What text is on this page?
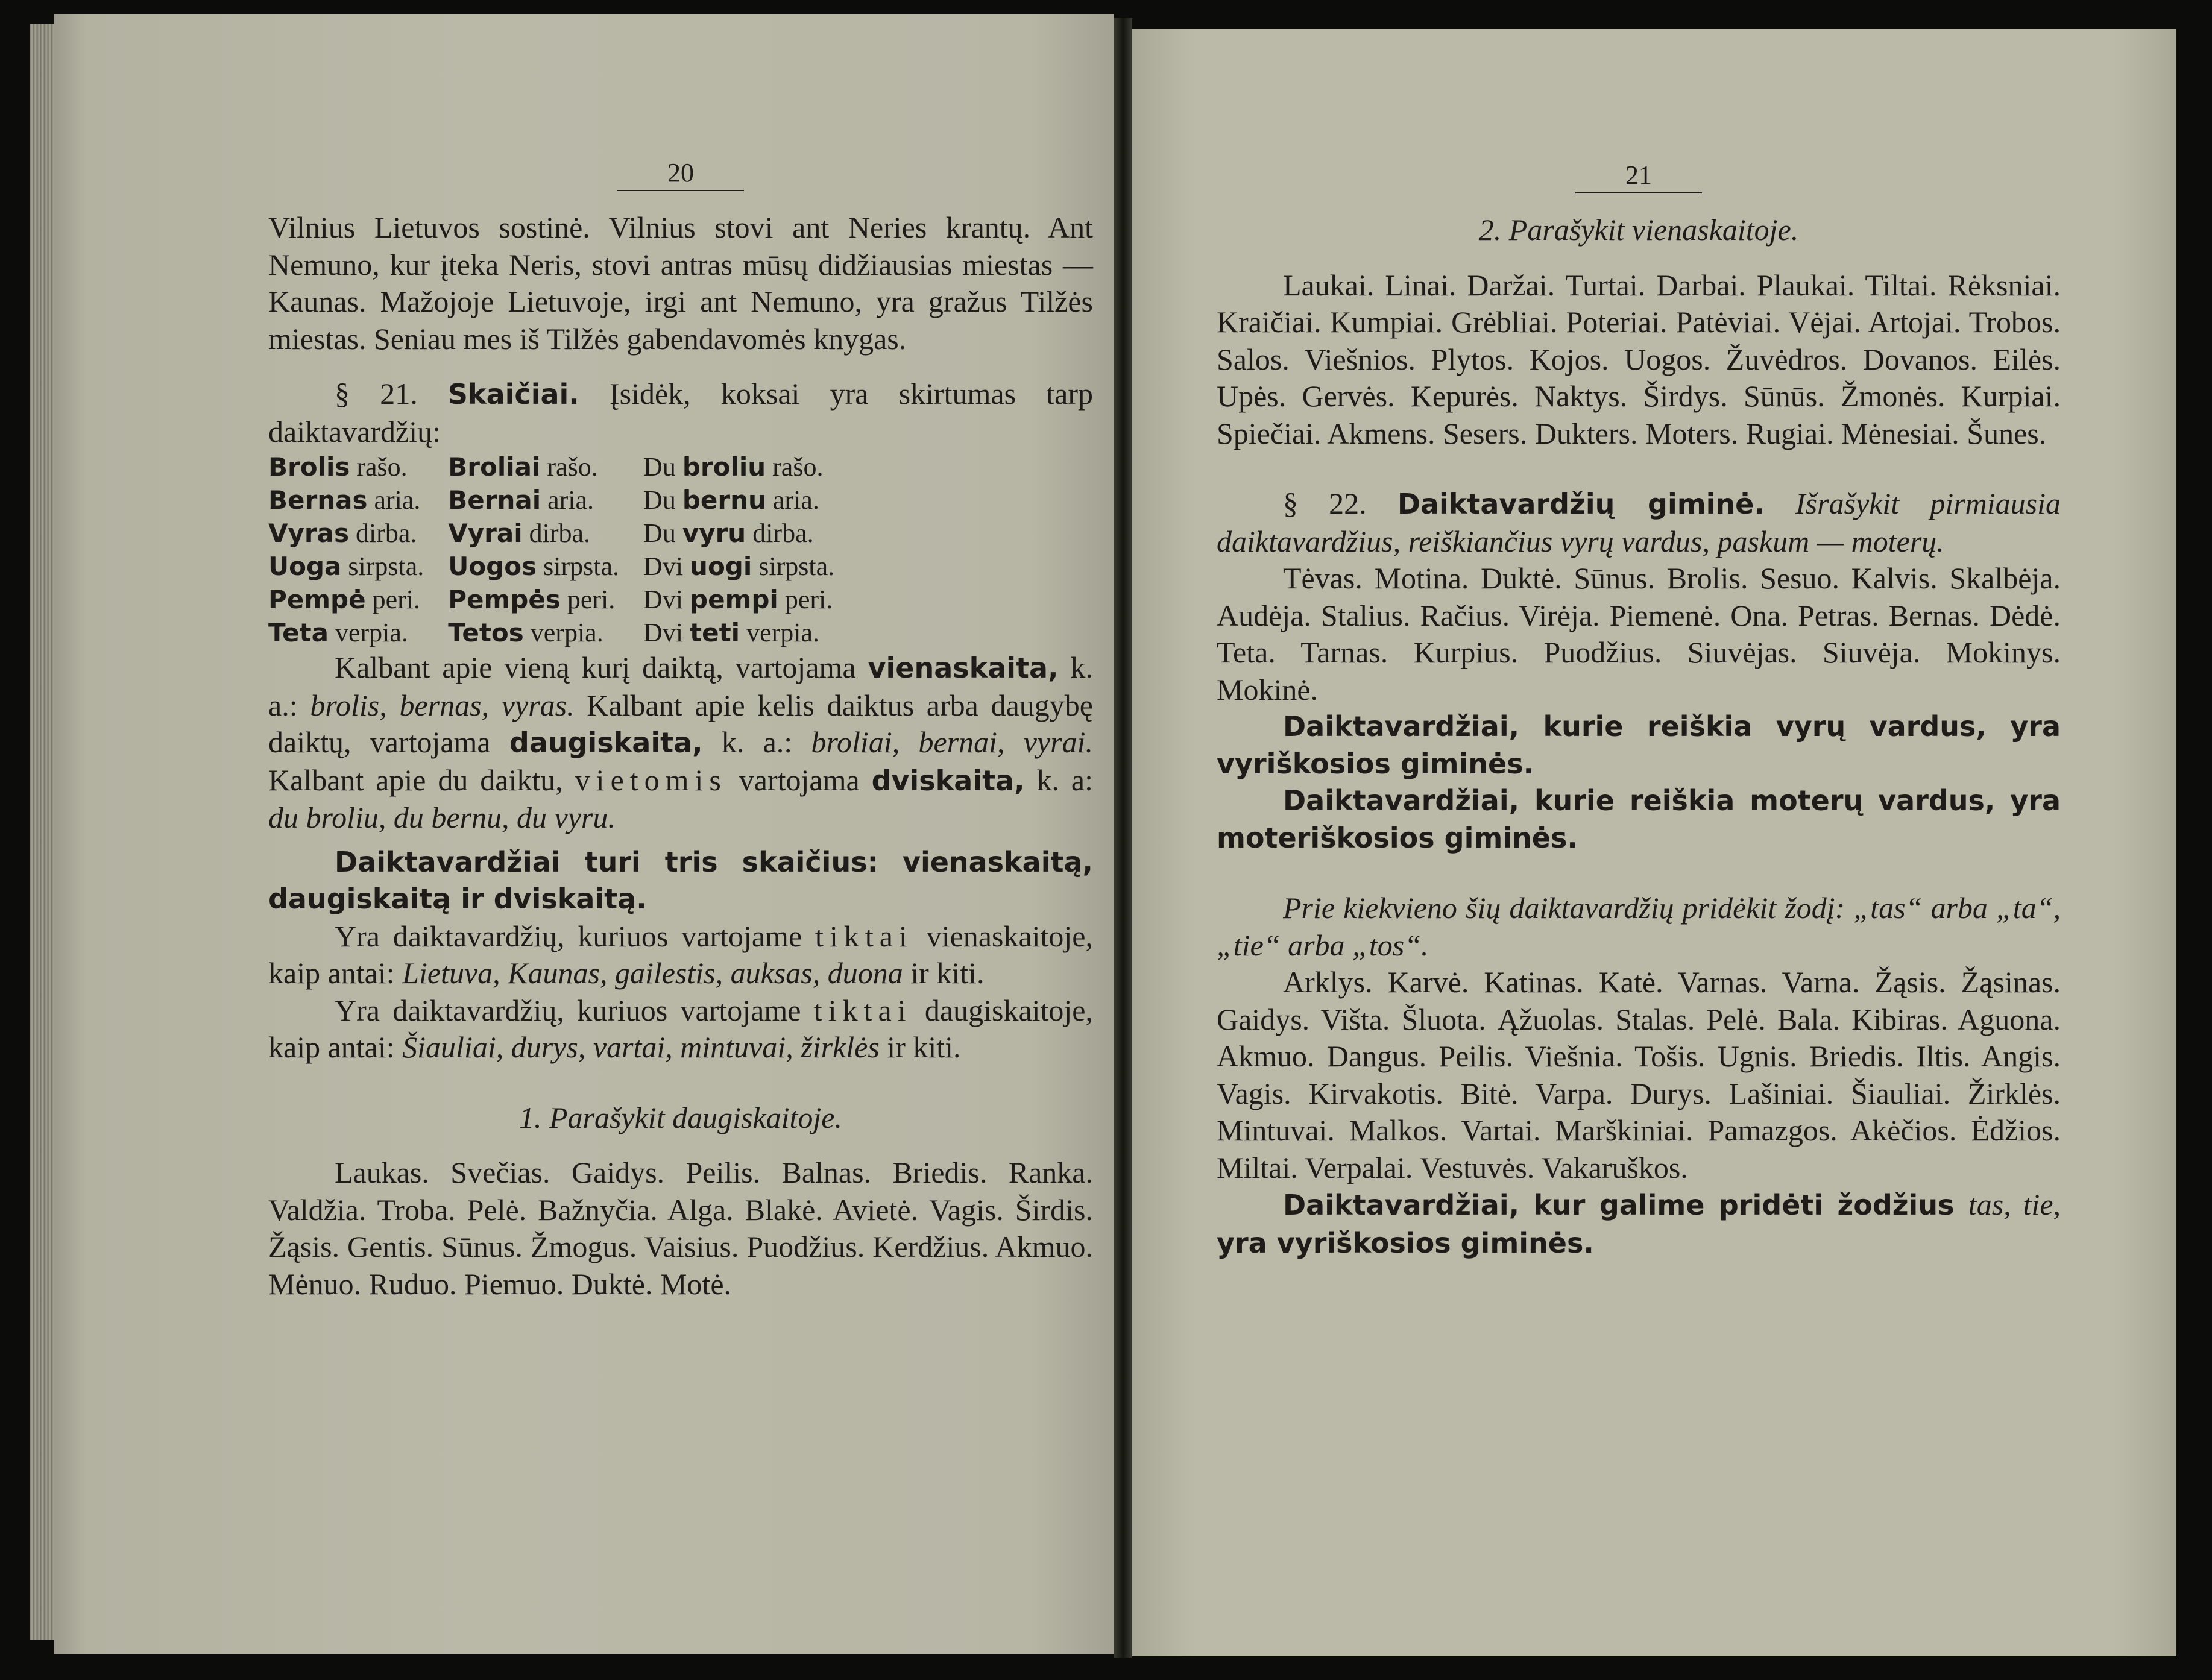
20

Vilnius Lietuvos sostinė. Vilnius stovi ant Neries krantų. Ant Nemuno, kur įteka Neris, stovi antras mūsų didžiausias miestas — Kaunas. Mažojoje Lietuvoje, irgi ant Nemuno, yra gražus Tilžės miestas. Seniau mes iš Tilžės gabendavomės knygas.

§ 21. Skaičiai. Įsidėk, koksai yra skirtumas tarp daiktavardžių:

Brolis rašo.	Broliai rašo.	Du broliu rašo.
Bernas aria.	Bernai aria.	Du bernu aria.
Vyras dirba.	Vyrai dirba.	Du vyru dirba.
Uoga sirpsta.	Uogos sirpsta.	Dvi uogi sirpsta.
Pempė peri.	Pempės peri.	Dvi pempi peri.
Teta verpia.	Tetos verpia.	Dvi teti verpia.

Kalbant apie vieną kurį daiktą, vartojama vienaskaita, k. a.: brolis, bernas, vyras. Kalbant apie kelis daiktus arba daugybę daiktų, vartojama daugiskaita, k. a.: broliai, bernai, vyrai. Kalbant apie du daiktu, vietomis vartojama dviskaita, k. a: du broliu, du bernu, du vyru.

Daiktavardžiai turi tris skaičius: vienaskaitą, daugiskaitą ir dviskaitą.

Yra daiktavardžių, kuriuos vartojame tiktai vienaskaitoje, kaip antai: Lietuva, Kaunas, gailestis, auksas, duona ir kiti.

Yra daiktavardžių, kuriuos vartojame tiktai daugiskaitoje, kaip antai: Šiauliai, durys, vartai, mintuvai, žirklės ir kiti.

1. Parašykit daugiskaitoje.

Laukas. Svečias. Gaidys. Peilis. Balnas. Briedis. Ranka. Valdžia. Troba. Pelė. Bažnyčia. Alga. Blakė. Avietė. Vagis. Širdis. Žąsis. Gentis. Sūnus. Žmogus. Vaisius. Puodžius. Kerdžius. Akmuo. Mėnuo. Ruduo. Piemuo. Duktė. Motė.

21

2. Parašykit vienaskaitoje.

Laukai. Linai. Daržai. Turtai. Darbai. Plaukai. Tiltai. Rėksniai. Kraičiai. Kumpiai. Grėbliai. Poteriai. Patėviai. Vėjai. Artojai. Trobos. Salos. Viešnios. Plytos. Kojos. Uogos. Žuvėdros. Dovanos. Eilės. Upės. Gervės. Kepurės. Naktys. Širdys. Sūnūs. Žmonės. Kurpiai. Spiečiai. Akmens. Sesers. Dukters. Moters. Rugiai. Mėnesiai. Šunes.

§ 22. Daiktavardžių giminė. Išrašykit pirmiausia daiktavardžius, reiškiančius vyrų vardus, paskum — moterų.

Tėvas. Motina. Duktė. Sūnus. Brolis. Sesuo. Kalvis. Skalbėja. Audėja. Stalius. Račius. Virėja. Piemenė. Ona. Petras. Bernas. Dėdė. Teta. Tarnas. Kurpius. Puodžius. Siuvėjas. Siuvėja. Mokinys. Mokinė.

Daiktavardžiai, kurie reiškia vyrų vardus, yra vyriškosios giminės.

Daiktavardžiai, kurie reiškia moterų vardus, yra moteriškosios giminės.

Prie kiekvieno šių daiktavardžių pridėkit žodį: „tas“ arba „ta“, „tie“ arba „tos“.

Arklys. Karvė. Katinas. Katė. Varnas. Varna. Žąsis. Žąsinas. Gaidys. Višta. Šluota. Ąžuolas. Stalas. Pelė. Bala. Kibiras. Aguona. Akmuo. Dangus. Peilis. Viešnia. Tošis. Ugnis. Briedis. Iltis. Angis. Vagis. Kirvakotis. Bitė. Varpa. Durys. Lašiniai. Šiauliai. Žirklės. Mintuvai. Malkos. Vartai. Marškiniai. Pamazgos. Akėčios. Ėdžios. Miltai. Verpalai. Vestuvės. Vakaruškos.

Daiktavardžiai, kur galime pridėti žodžius tas, tie, yra vyriškosios giminės.
